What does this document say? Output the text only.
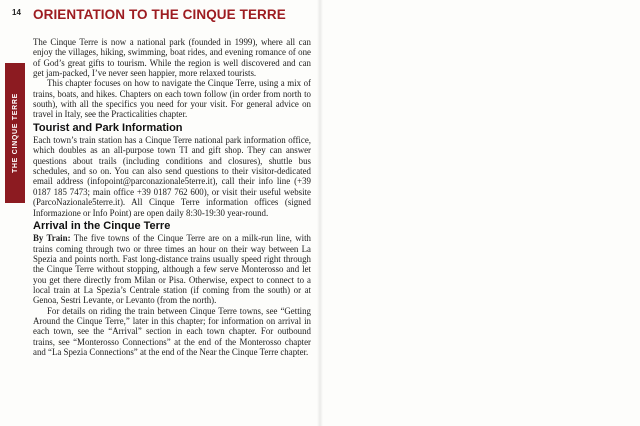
14 ORIENTATION TO THE CINQUE TERRE
THE CINQUE TERRE

The Cinque Terre is now a national park (founded in 1999), where all can enjoy the villages, hiking, swimming, boat rides, and evening romance of one of God’s great gifts to tourism. While the region is well discovered and can get jam-packed, I’ve never seen happier, more relaxed tourists.

This chapter focuses on how to navigate the Cinque Terre, using a mix of trains, boats, and hikes. Chapters on each town follow (in order from north to south), with all the specifics you need for your visit. For general advice on travel in Italy, see the Practicalities chapter.

Tourist and Park Information

Each town’s train station has a Cinque Terre national park information office, which doubles as an all-purpose town TI and gift shop. They can answer questions about trails (including conditions and closures), shuttle bus schedules, and so on. You can also send questions to their visitor-dedicated email address (infopoint@parconazionale5terre.it), call their info line (+39 0187 185 7473; main office +39 0187 762 600), or visit their useful website (ParcoNazionale5terre.it). All Cinque Terre information offices (signed Informazione or Info Point) are open daily 8:30-19:30 year-round.

Arrival in the Cinque Terre

By Train: The five towns of the Cinque Terre are on a milk-run line, with trains coming through two or three times an hour on their way between La Spezia and points north. Fast long-distance trains usually speed right through the Cinque Terre without stopping, although a few serve Monterosso and let you get there directly from Milan or Pisa. Otherwise, expect to connect to a local train at La Spezia’s Centrale station (if coming from the south) or at Genoa, Sestri Levante, or Levanto (from the north).

For details on riding the train between Cinque Terre towns, see “Getting Around the Cinque Terre,” later in this chapter; for information on arrival in each town, see the “Arrival” section in each town chapter. For outbound trains, see “Monterosso Connections” at the end of the Monterosso chapter and “La Spezia Connections” at the end of the Near the Cinque Terre chapter.
